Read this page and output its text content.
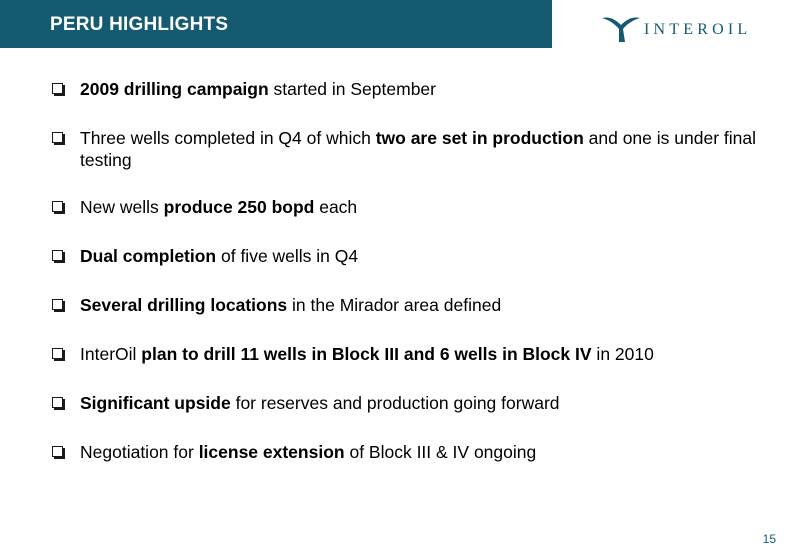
PERU HIGHLIGHTS	INTEROIL
2009 drilling campaign started in September
Three wells completed in Q4 of which two are set in production and one is under final testing
New wells produce 250 bopd each
Dual completion of five wells in Q4
Several drilling locations in the Mirador area defined
InterOil plan to drill 11 wells in Block III and 6 wells in Block IV in 2010
Significant upside for reserves and production going forward
Negotiation for license extension of Block III & IV ongoing
15
